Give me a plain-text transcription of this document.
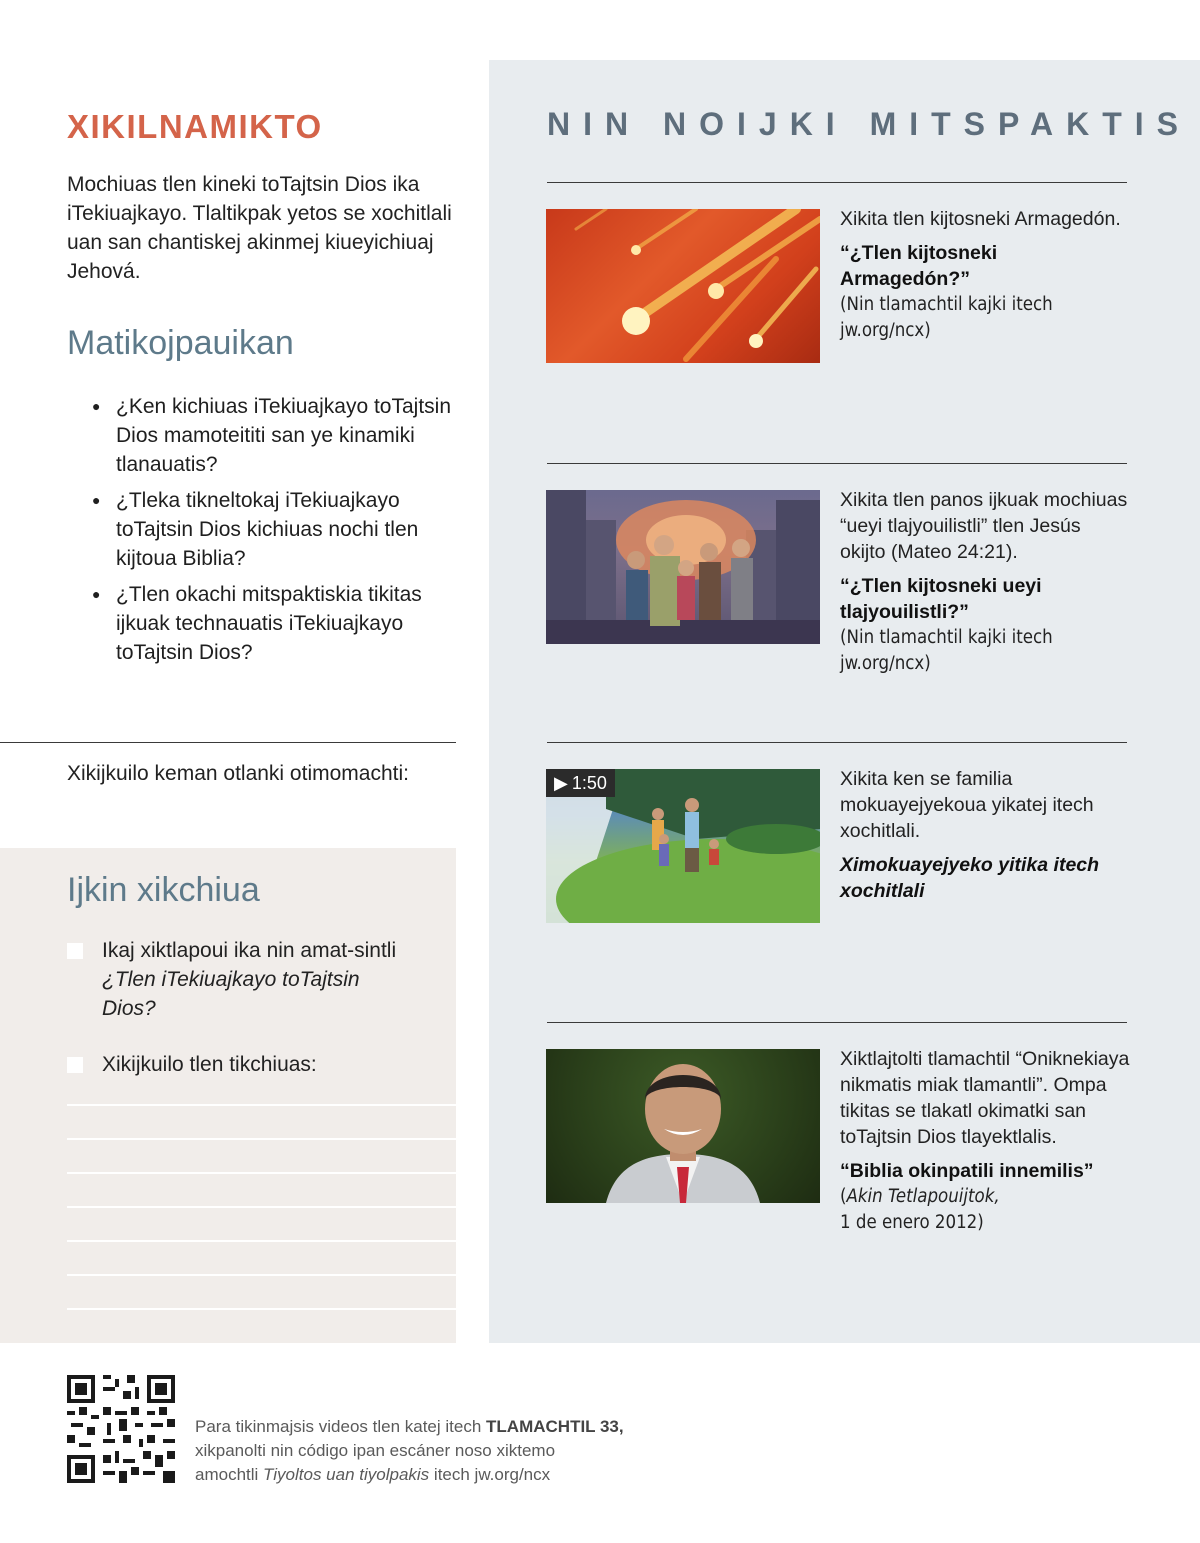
NIN NOIJKI MITSPAKTIS
Xikita tlen kijtosneki Armagedón.
“¿Tlen kijtosneki Armagedón?”
(Nin tlamachtil kajki itech jw.org/ncx)
Xikita tlen panos ijkuak mochiuas “ueyi tlajyouilistli” tlen Jesús okijto (Mateo 24:21).
“¿Tlen kijtosneki ueyi tlajyouilistli?”
(Nin tlamachtil kajki itech jw.org/ncx)
▶ 1:50	Xikita ken se familia mokuayejyekoua yikatej itech xochitlali.
Ximokuayejyeko yitika itech xochitlali
Xiktlajtolti tlamachtil “Oniknekiaya nikmatis miak tlamantli”. Ompa tikitas se tlakatl okimatki san toTajtsin Dios tlayektlalis.
“Biblia okinpatili innemilis”
(Akin Tetlapouijtok,
1 de enero 2012)
XIKILNAMIKTO
Mochiuas tlen kineki toTajtsin Dios ika iTekiuajkayo. Tlaltikpak yetos se xochitlali uan san chantiskej akinmej kiueyichiuaj Jehová.
Matikojpauikan
● ¿Ken kichiuas iTekiuajkayo toTajtsin Dios mamoteititi san ye kinamiki tlanauatis?
● ¿Tleka tikneltokaj iTekiuajkayo toTajtsin Dios kichiuas nochi tlen kijtoua Biblia?
● ¿Tlen okachi mitspaktiskia tikitas ijkuak technauatis iTekiuajkayo toTajtsin Dios?
Xikijkuilo keman otlanki otimomachti:
Ijkin xikchiua
Ikaj xiktlapoui ika nin amat-sintli ¿Tlen iTekiuajkayo toTajtsin Dios?
Xikijkuilo tlen tikchiuas:
Para tikinmajsis videos tlen katej itech TLAMACHTIL 33,
xikpanolti nin código ipan escáner noso xiktemo
amochtli Tiyoltos uan tiyolpakis itech jw.org/ncx
